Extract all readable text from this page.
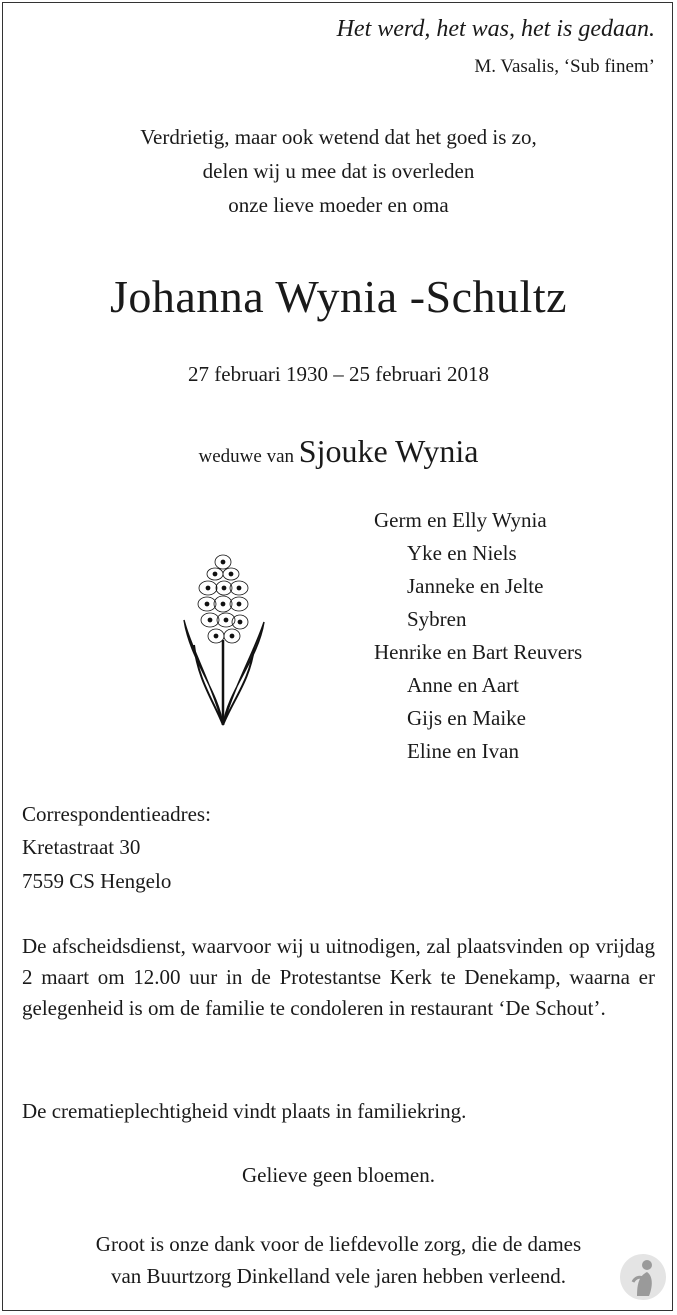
Het werd, het was, het is gedaan.
M. Vasalis, ‘Sub finem’
Verdrietig, maar ook wetend dat het goed is zo,
delen wij u mee dat is overleden
onze lieve moeder en oma
Johanna Wynia -Schultz
27 februari 1930 – 25 februari 2018
weduwe van Sjouke Wynia
Germ en Elly Wynia
Yke en Niels
Janneke en Jelte
Sybren
Henrike en Bart Reuvers
Anne en Aart
Gijs en Maike
Eline en Ivan
Correspondentieadres:
Kretastraat 30
7559 CS Hengelo
De afscheidsdienst, waarvoor wij u uitnodigen, zal plaatsvinden op vrijdag 2 maart om 12.00 uur in de Protestantse Kerk te Denekamp, waarna er gelegenheid is om de familie te condoleren in restaurant ‘De Schout’.
De crematieplechtigheid vindt plaats in familiekring.
Gelieve geen bloemen.
Groot is onze dank voor de liefdevolle zorg, die de dames
van Buurtzorg Dinkelland vele jaren hebben verleend.
